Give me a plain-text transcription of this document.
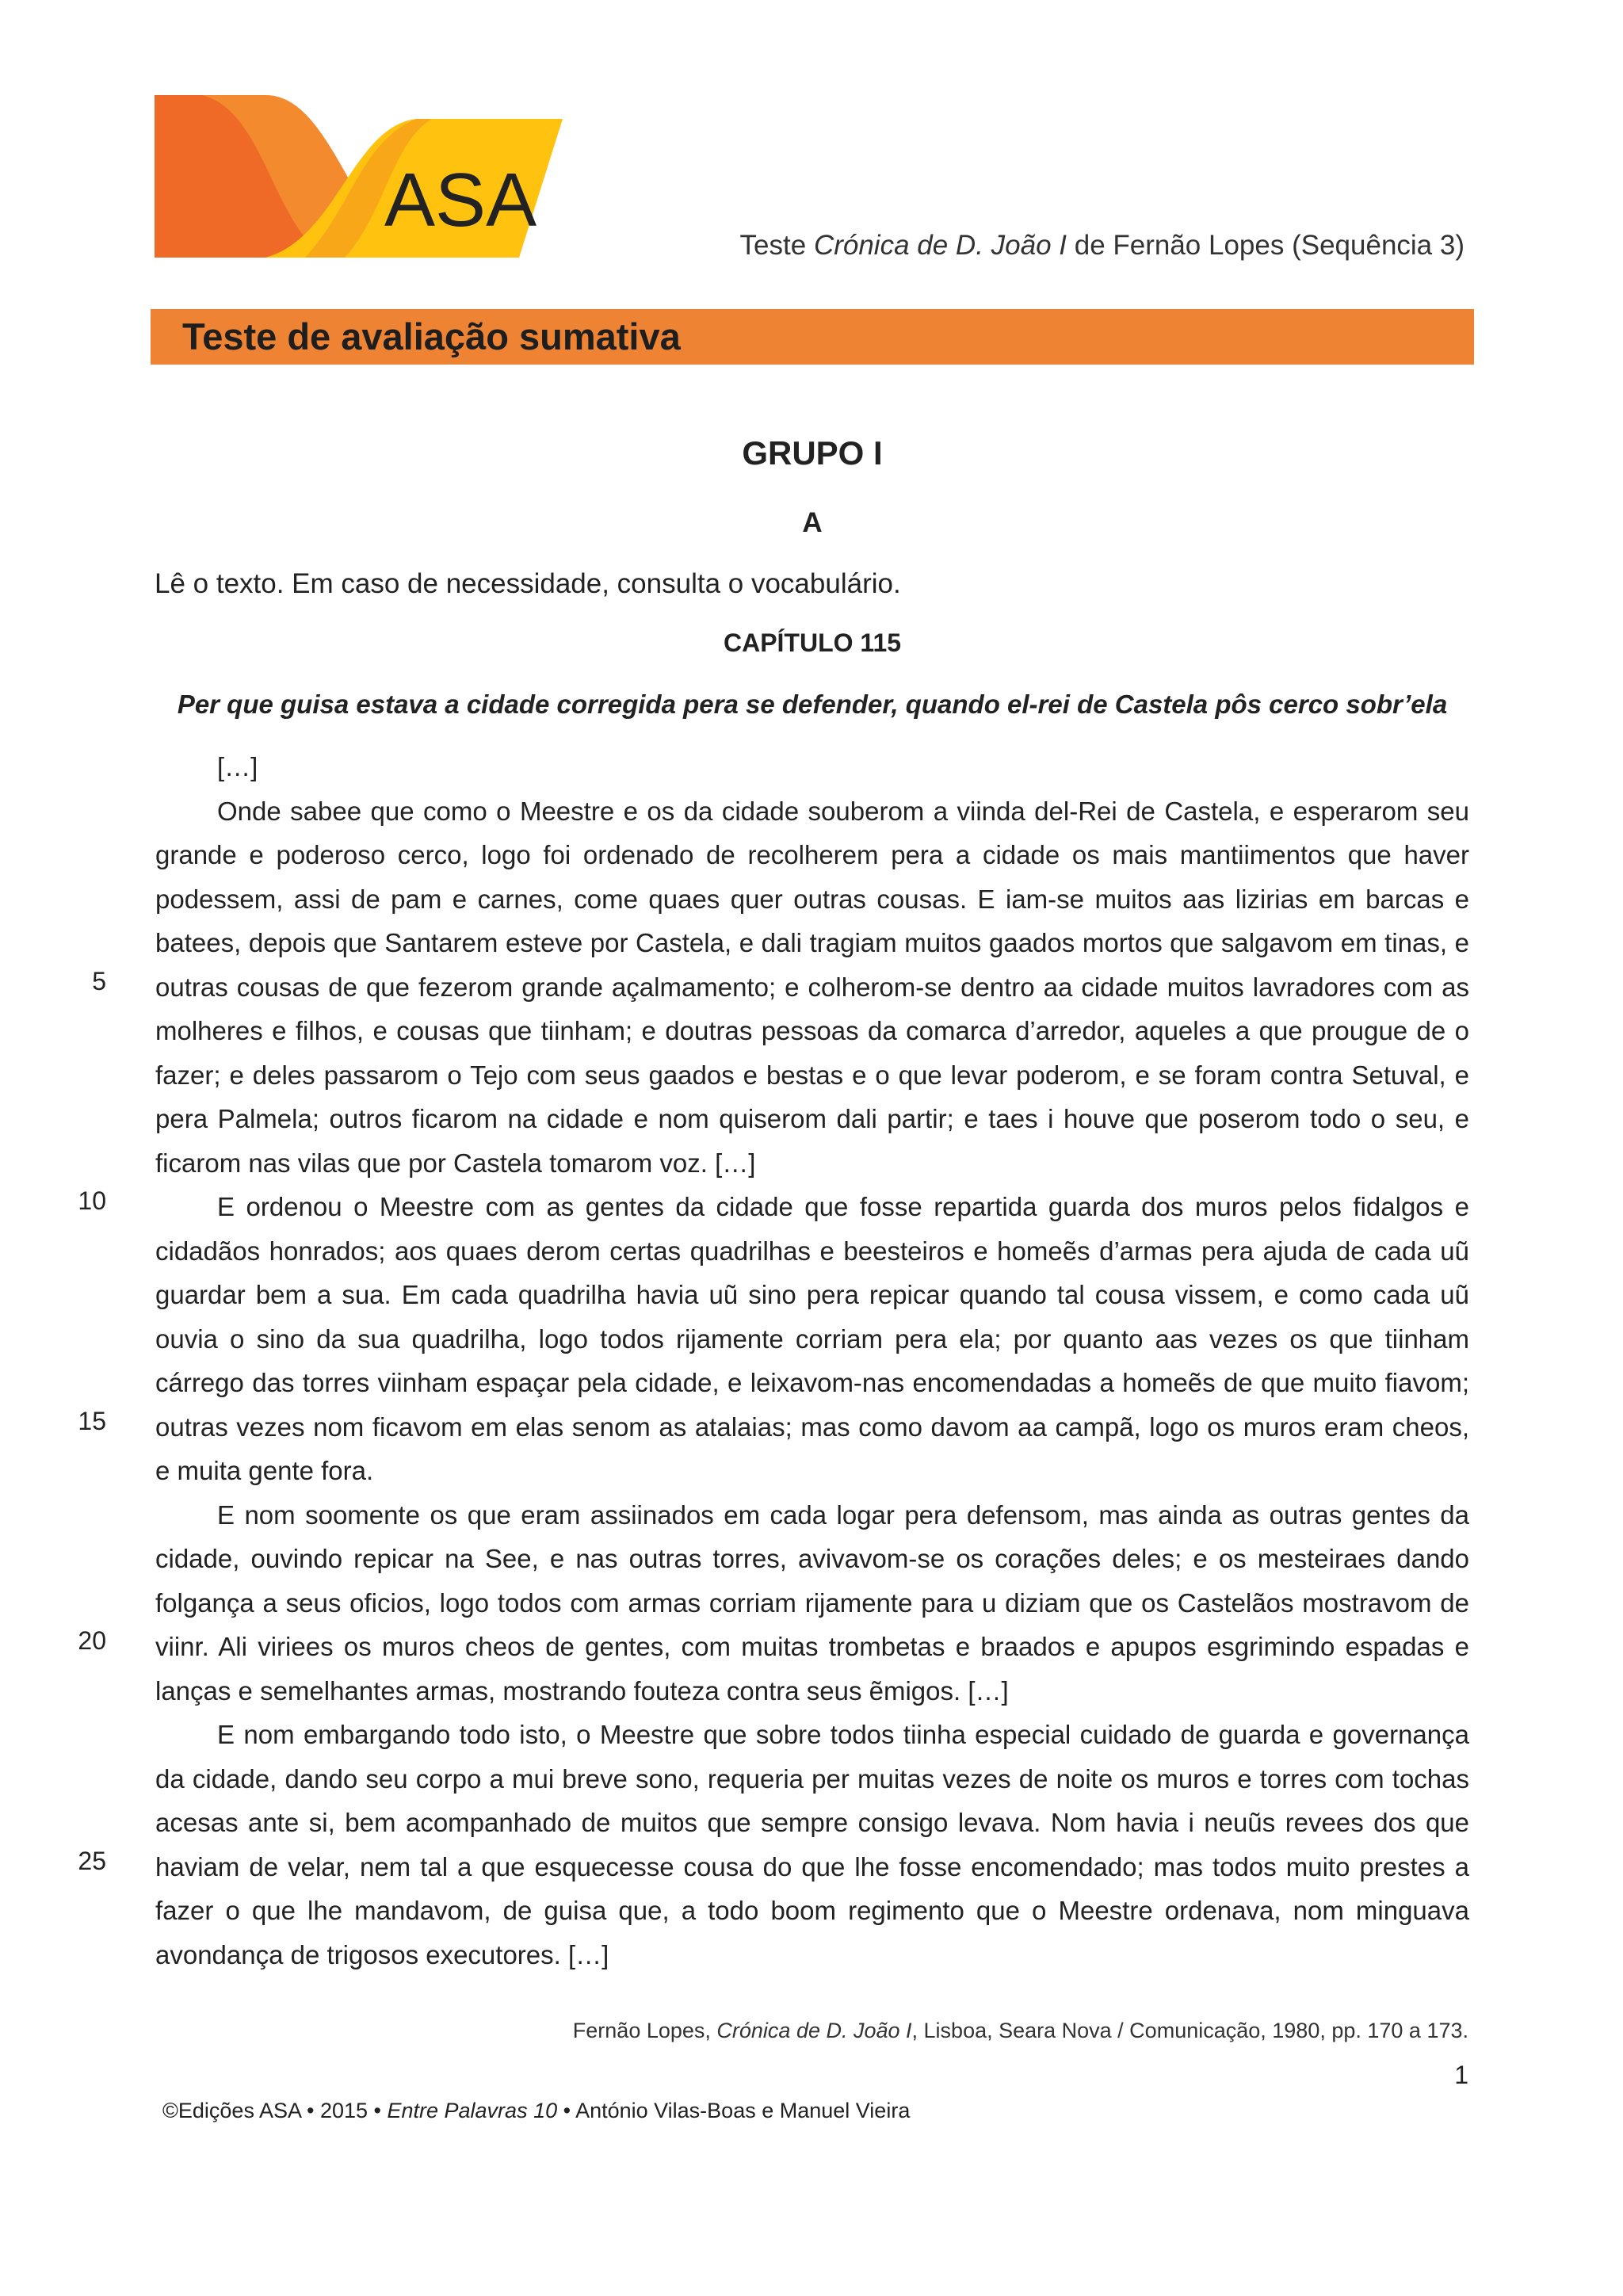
ASA
Teste Crónica de D. João I de Fernão Lopes (Sequência 3)
Teste de avaliação sumativa
GRUPO I
A
Lê o texto. Em caso de necessidade, consulta o vocabulário.
CAPÍTULO 115
Per que guisa estava a cidade corregida pera se defender, quando el-rei de Castela pôs cerco sobr’ela

[…]

Onde sabee que como o Meestre e os da cidade souberom a viinda del-Rei de Castela, e esperarom seu grande e poderoso cerco, logo foi ordenado de recolherem pera a cidade os mais mantiimentos que haver podessem, assi de pam e carnes, come quaes quer outras cousas. E iam-se muitos aas lizirias em barcas e batees, depois que Santarem esteve por Castela, e dali tragiam muitos gaados mortos que salgavom em tinas, e outras cousas de que fezerom grande açalmamento; e colherom-se dentro aa cidade muitos lavradores com as molheres e filhos, e cousas que tiinham; e doutras pessoas da comarca d’arredor, aqueles a que prougue de o fazer; e deles passarom o Tejo com seus gaados e bestas e o que levar poderom, e se foram contra Setuval, e pera Palmela; outros ficarom na cidade e nom quiserom dali partir; e taes i houve que poserom todo o seu, e ficarom nas vilas que por Castela tomarom voz. […]

E ordenou o Meestre com as gentes da cidade que fosse repartida guarda dos muros pelos fidalgos e cidadãos honrados; aos quaes derom certas quadrilhas e beesteiros e homeẽs d’armas pera ajuda de cada uũ guardar bem a sua. Em cada quadrilha havia uũ sino pera repicar quando tal cousa vissem, e como cada uũ ouvia o sino da sua quadrilha, logo todos rijamente corriam pera ela; por quanto aas vezes os que tiinham cárrego das torres viinham espaçar pela cidade, e leixavom-nas encomendadas a homeẽs de que muito fiavom; outras vezes nom ficavom em elas senom as atalaias; mas como davom aa campã, logo os muros eram cheos, e muita gente fora.

E nom soomente os que eram assiinados em cada logar pera defensom, mas ainda as outras gentes da cidade, ouvindo repicar na See, e nas outras torres, avivavom-se os corações deles; e os mesteiraes dando folgança a seus oficios, logo todos com armas corriam rijamente para u diziam que os Castelãos mostravom de viinr. Ali viriees os muros cheos de gentes, com muitas trombetas e braados e apupos esgrimindo espadas e lanças e semelhantes armas, mostrando fouteza contra seus ẽmigos. […]

E nom embargando todo isto, o Meestre que sobre todos tiinha especial cuidado de guarda e governança da cidade, dando seu corpo a mui breve sono, requeria per muitas vezes de noite os muros e torres com tochas acesas ante si, bem acompanhado de muitos que sempre consigo levava. Nom havia i neuũs revees dos que haviam de velar, nem tal a que esquecesse cousa do que lhe fosse encomendado; mas todos muito prestes a fazer o que lhe mandavom, de guisa que, a todo boom regimento que o Meestre ordenava, nom minguava avondança de trigosos executores. […]

5
10
15
20
25
Fernão Lopes, Crónica de D. João I, Lisboa, Seara Nova / Comunicação, 1980, pp. 170 a 173.
1
©Edições ASA • 2015 • Entre Palavras 10 • António Vilas-Boas e Manuel Vieira
